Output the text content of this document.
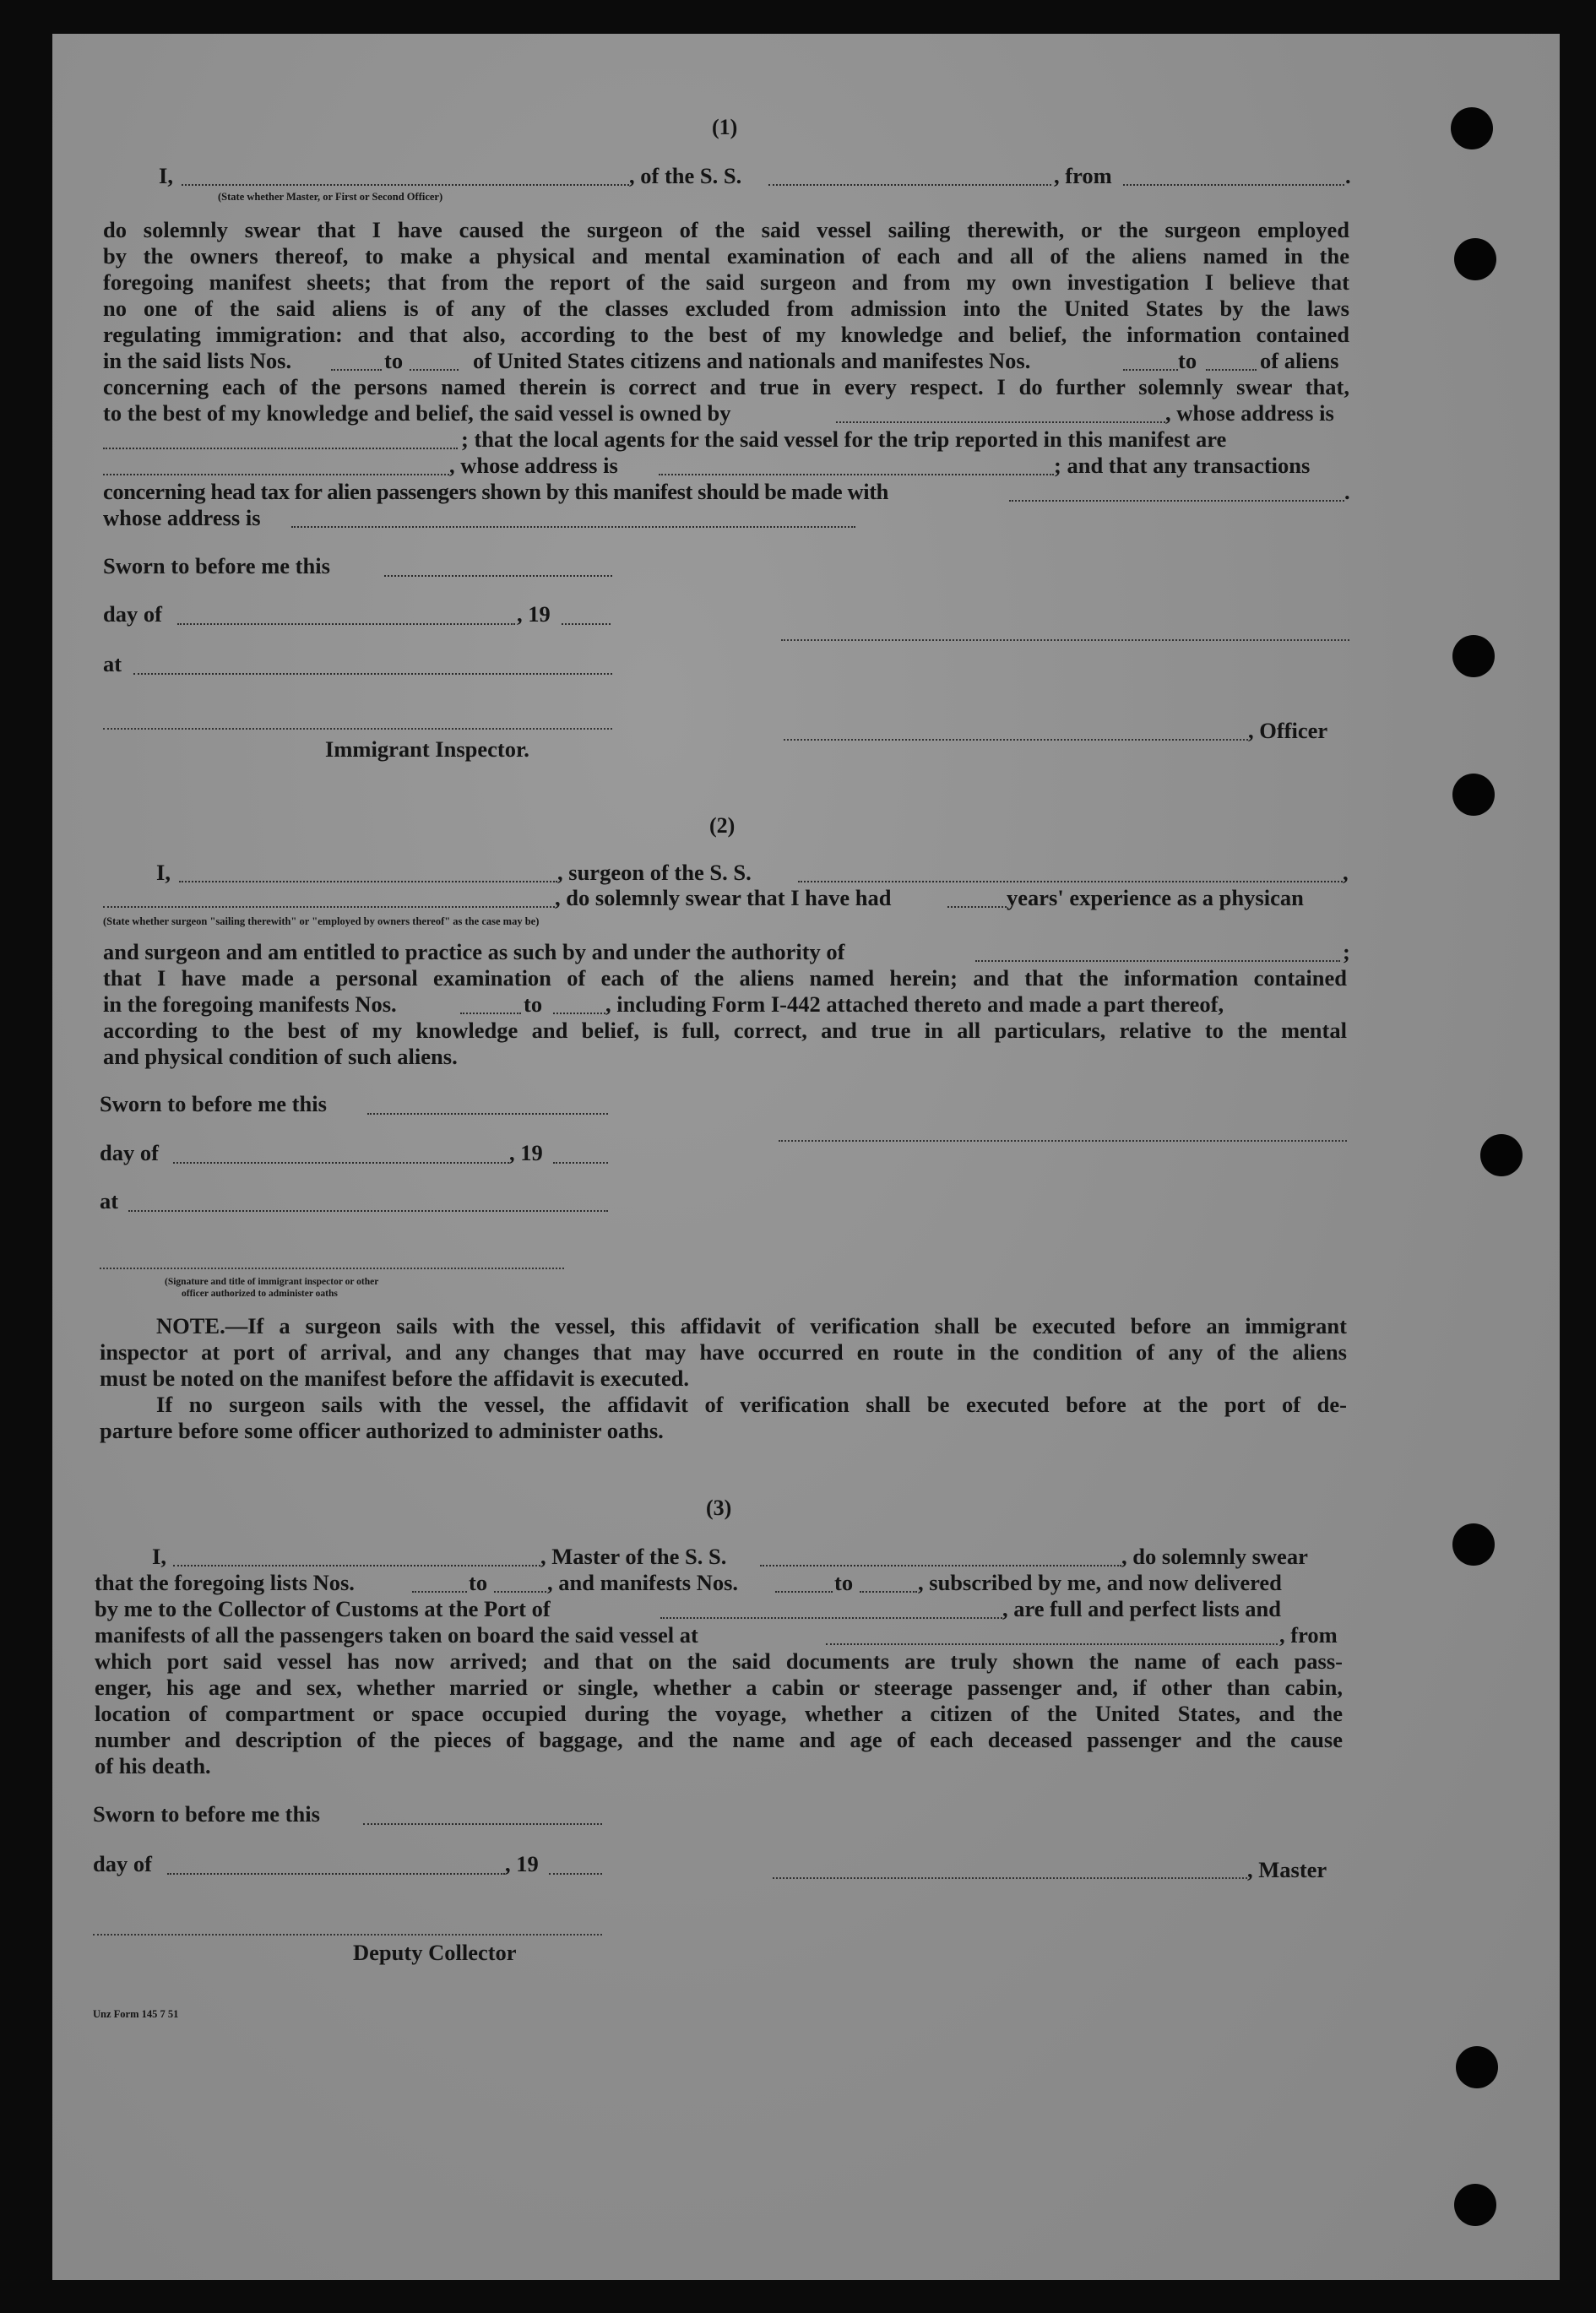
(1)
I,	, of the S. S.	, from	.
(State whether Master, or First or Second Officer)
do solemnly swear that I have caused the surgeon of the said vessel sailing therewith, or the surgeon employed
by the owners thereof, to make a physical and mental examination of each and all of the aliens named in the
foregoing manifest sheets; that from the report of the said surgeon and from my own investigation I believe that
no one of the said aliens is of any of the classes excluded from admission into the United States by the laws
regulating immigration: and that also, according to the best of my knowledge and belief, the information contained
in the said lists Nos.	to	of United States citizens and nationals and manifestes Nos.	to	of aliens
concerning each of the persons named therein is correct and true in every respect. I do further solemnly swear that,
to the best of my knowledge and belief, the said vessel is owned by	, whose address is
; that the local agents for the said vessel for the trip reported in this manifest are
, whose address is	; and that any transactions
concerning head tax for alien passengers shown by this manifest should be made with	.
whose address is
Sworn to before me this
day of	, 19
at
, Officer
Immigrant Inspector.
(2)
I,	, surgeon of the S. S.	,
, do solemnly swear that I have had	years' experience as a physican
(State whether surgeon "sailing therewith" or "employed by owners thereof" as the case may be)
and surgeon and am entitled to practice as such by and under the authority of	;
that I have made a personal examination of each of the aliens named herein; and that the information contained
in the foregoing manifests Nos.	to	, including Form I-442 attached thereto and made a part thereof,
according to the best of my knowledge and belief, is full, correct, and true in all particulars, relative to the mental
and physical condition of such aliens.
Sworn to before me this
day of	, 19
at
(Signature and title of immigrant inspector or other
officer authorized to administer oaths
NOTE.—If a surgeon sails with the vessel, this affidavit of verification shall be executed before an immigrant
inspector at port of arrival, and any changes that may have occurred en route in the condition of any of the aliens
must be noted on the manifest before the affidavit is executed.
If no surgeon sails with the vessel, the affidavit of verification shall be executed before at the port of de-
parture before some officer authorized to administer oaths.
(3)
I,	, Master of the S. S.	, do solemnly swear
that the foregoing lists Nos.	to	, and manifests Nos.	to	, subscribed by me, and now delivered
by me to the Collector of Customs at the Port of	, are full and perfect lists and
manifests of all the passengers taken on board the said vessel at	, from
which port said vessel has now arrived; and that on the said documents are truly shown the name of each pass-
enger, his age and sex, whether married or single, whether a cabin or steerage passenger and, if other than cabin,
location of compartment or space occupied during the voyage, whether a citizen of the United States, and the
number and description of the pieces of baggage, and the name and age of each deceased passenger and the cause
of his death.
Sworn to before me this
day of	, 19	, Master
Deputy Collector
Unz Form 145 7 51
